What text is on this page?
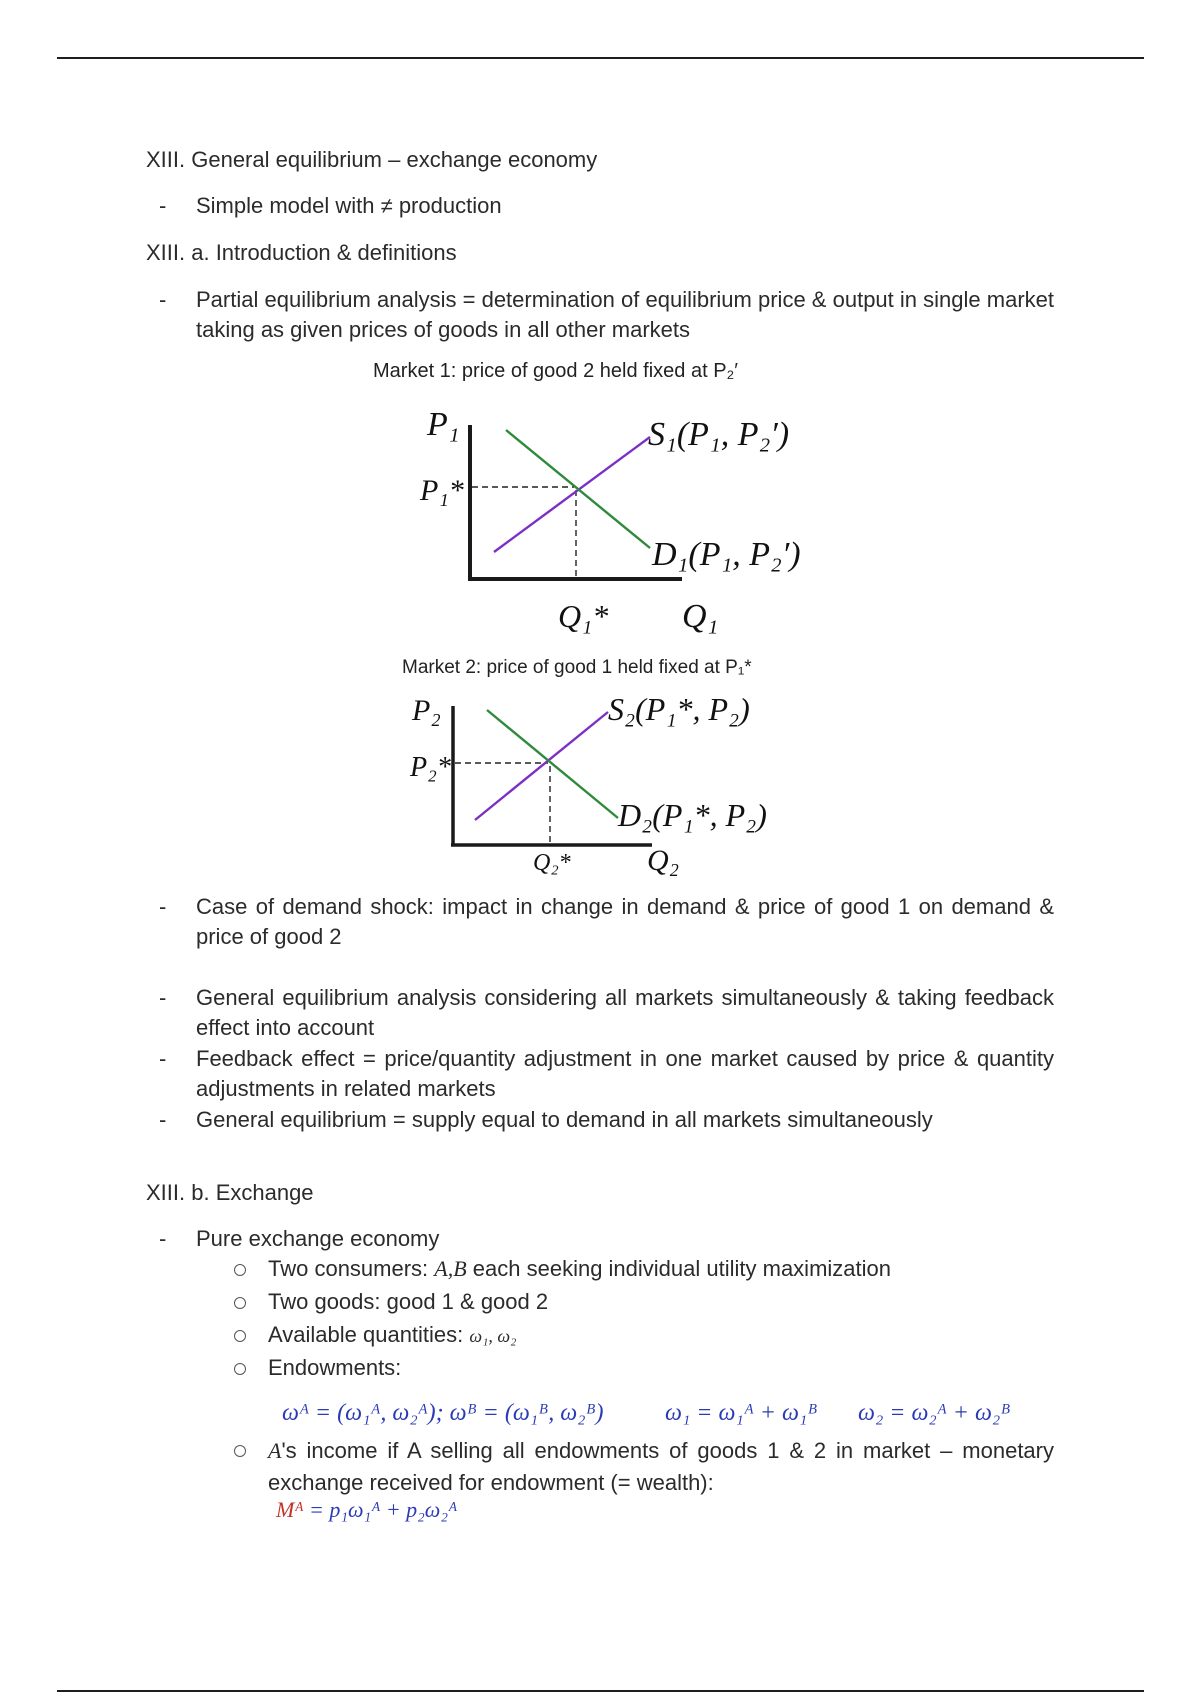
XIII. General equilibrium – exchange economy
- Simple model with ≠ production
XIII. a. Introduction & definitions
- Partial equilibrium analysis = determination of equilibrium price & output in single market taking as given prices of goods in all other markets
Market 1: price of good 2 held fixed at P₂′
P₁
P₁*
S₁(P₁, P₂′)
D₁(P₁, P₂′)
Q₁* Q₁
Market 2: price of good 1 held fixed at P₁*
P₂
P₂*
S₂(P₁*, P₂)
D₂(P₁*, P₂)
Q₂*	Q₂
- Case of demand shock: impact in change in demand & price of good 1 on demand & price of good 2
- General equilibrium analysis considering all markets simultaneously & taking feedback effect into account
- Feedback effect = price/quantity adjustment in one market caused by price & quantity adjustments in related markets
- General equilibrium = supply equal to demand in all markets simultaneously
XIII. b. Exchange
- Pure exchange economy
Two consumers: A,B each seeking individual utility maximization
Two goods: good 1 & good 2
Available quantities: ω₁, ω₂
Endowments:
ωᴬ = (ω₁ᴬ, ω₂ᴬ); ωᴮ = (ω₁ᴮ, ω₂ᴮ)	ω₁ = ω₁ᴬ + ω₁ᴮ ω₂ = ω₂ᴬ + ω₂ᴮ
A's income if A selling all endowments of goods 1 & 2 in market – monetary exchange received for endowment (= wealth):
Mᴬ = p₁ω₁ᴬ + p₂ω₂ᴬ
